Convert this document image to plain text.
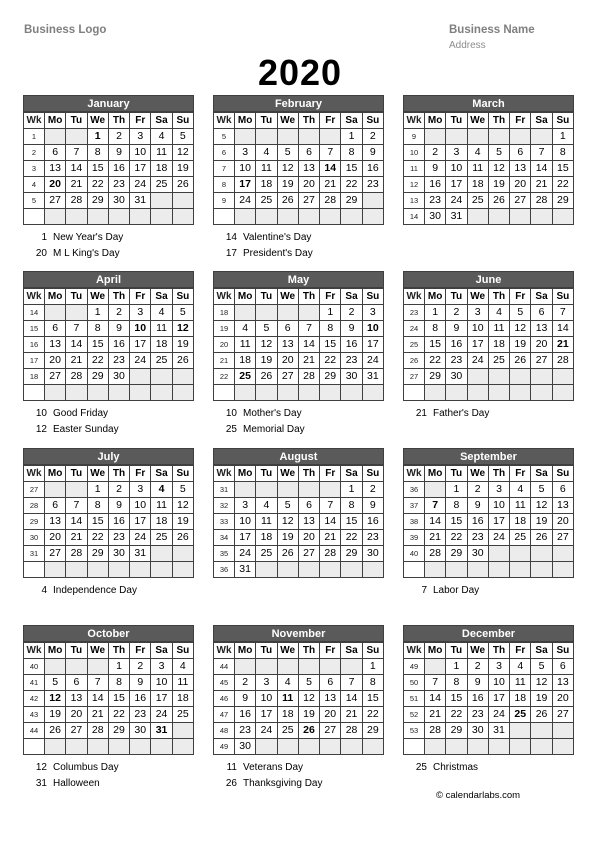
Business Logo	Business Name
Address
2020
January
Wk	Mo	Tu	We	Th	Fr	Sa	Su
1			1	2	3	4	5
2	6	7	8	9	10	11	12
3	13	14	15	16	17	18	19
4	20	21	22	23	24	25	26
5	27	28	29	30	31		

1 New Year's Day
20 M L King's Day
February
Wk	Mo	Tu	We	Th	Fr	Sa	Su
5						1	2
6	3	4	5	6	7	8	9
7	10	11	12	13	14	15	16
8	17	18	19	20	21	22	23
9	24	25	26	27	28	29	

14 Valentine's Day
17 President's Day
March
Wk	Mo	Tu	We	Th	Fr	Sa	Su
9							1
10	2	3	4	5	6	7	8
11	9	10	11	12	13	14	15
12	16	17	18	19	20	21	22
13	23	24	25	26	27	28	29
14	30	31					
April
Wk	Mo	Tu	We	Th	Fr	Sa	Su
14			1	2	3	4	5
15	6	7	8	9	10	11	12
16	13	14	15	16	17	18	19
17	20	21	22	23	24	25	26
18	27	28	29	30			

10 Good Friday
12 Easter Sunday
May
Wk	Mo	Tu	We	Th	Fr	Sa	Su
18					1	2	3
19	4	5	6	7	8	9	10
20	11	12	13	14	15	16	17
21	18	19	20	21	22	23	24
22	25	26	27	28	29	30	31

10 Mother's Day
25 Memorial Day
June
Wk	Mo	Tu	We	Th	Fr	Sa	Su
23	1	2	3	4	5	6	7
24	8	9	10	11	12	13	14
25	15	16	17	18	19	20	21
26	22	23	24	25	26	27	28
27	29	30					

21 Father's Day
July
Wk	Mo	Tu	We	Th	Fr	Sa	Su
27			1	2	3	4	5
28	6	7	8	9	10	11	12
29	13	14	15	16	17	18	19
30	20	21	22	23	24	25	26
31	27	28	29	30	31		

4 Independence Day
August
Wk	Mo	Tu	We	Th	Fr	Sa	Su
31						1	2
32	3	4	5	6	7	8	9
33	10	11	12	13	14	15	16
34	17	18	19	20	21	22	23
35	24	25	26	27	28	29	30
36	31						
September
Wk	Mo	Tu	We	Th	Fr	Sa	Su
36		1	2	3	4	5	6
37	7	8	9	10	11	12	13
38	14	15	16	17	18	19	20
39	21	22	23	24	25	26	27
40	28	29	30				

7 Labor Day
October
Wk	Mo	Tu	We	Th	Fr	Sa	Su
40				1	2	3	4
41	5	6	7	8	9	10	11
42	12	13	14	15	16	17	18
43	19	20	21	22	23	24	25
44	26	27	28	29	30	31	

12 Columbus Day
31 Halloween
November
Wk	Mo	Tu	We	Th	Fr	Sa	Su
44							1
45	2	3	4	5	6	7	8
46	9	10	11	12	13	14	15
47	16	17	18	19	20	21	22
48	23	24	25	26	27	28	29
49	30						
11 Veterans Day
26 Thanksgiving Day
December
Wk	Mo	Tu	We	Th	Fr	Sa	Su
49		1	2	3	4	5	6
50	7	8	9	10	11	12	13
51	14	15	16	17	18	19	20
52	21	22	23	24	25	26	27
53	28	29	30	31			

25 Christmas
© calendarlabs.com
